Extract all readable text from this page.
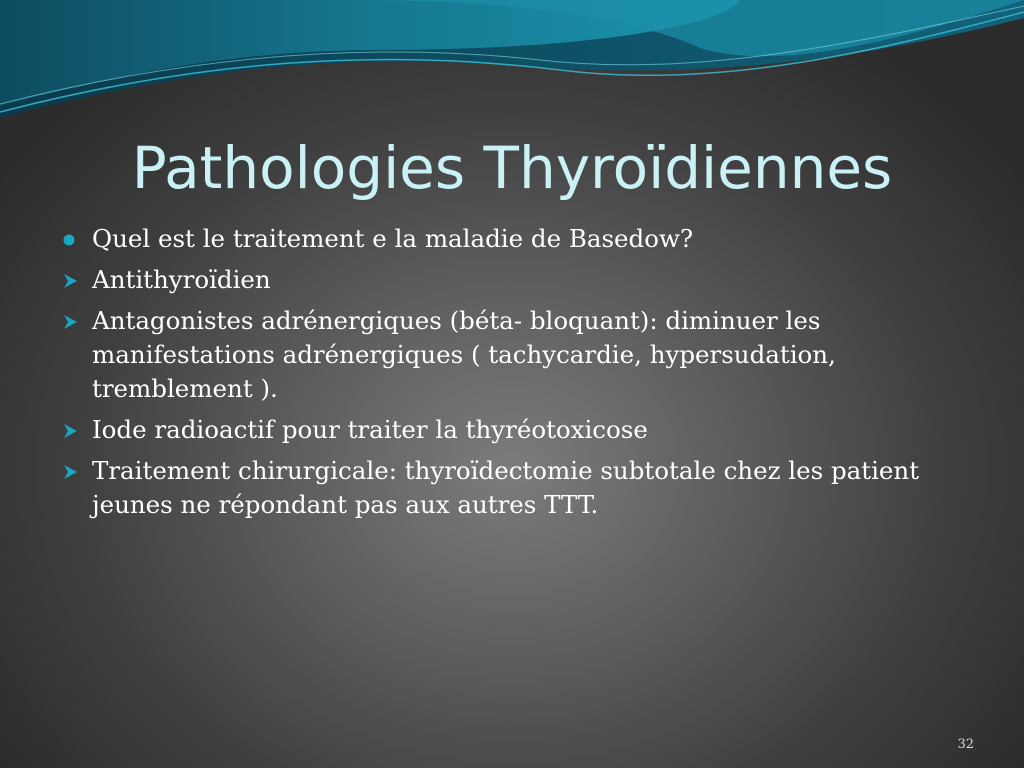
Pathologies Thyroïdiennes
Quel est le traitement e la maladie de Basedow?
Antithyroïdien
Antagonistes adrénergiques (béta- bloquant): diminuer les manifestations adrénergiques ( tachycardie, hypersudation, tremblement ).
Iode radioactif pour traiter la thyréotoxicose
Traitement chirurgicale: thyroïdectomie subtotale chez les patient jeunes ne répondant pas aux autres TTT.
32
